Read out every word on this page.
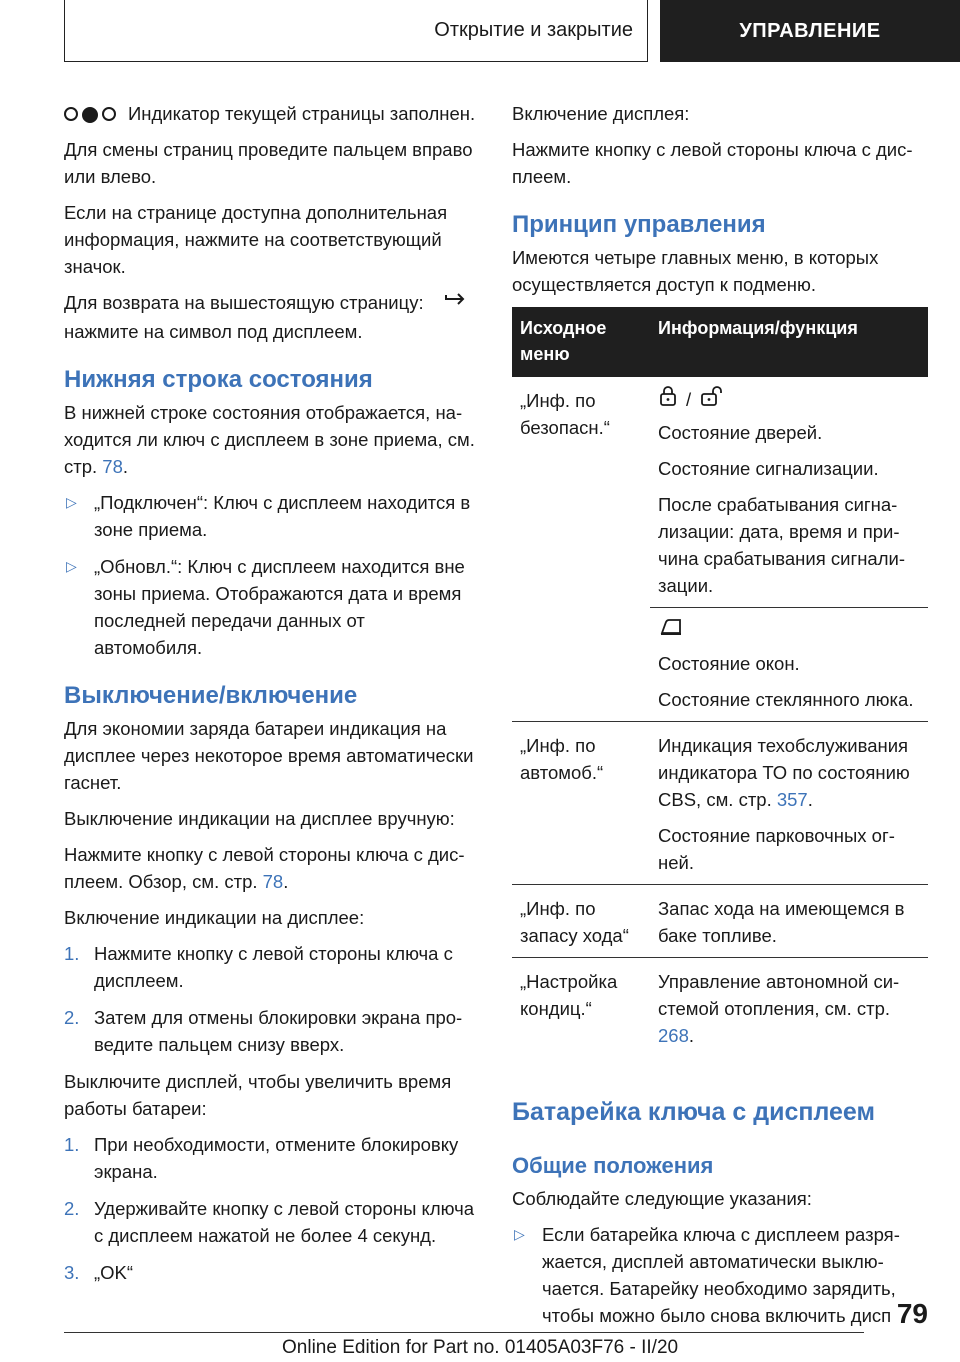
Открытие и закрытие	УПРАВЛЕНИЕ

Индикатор текущей страницы заполнен.

Для смены страниц проведите пальцем вправо или влево.

Если на странице доступна дополнительная информация, нажмите на соответствующий значок.

Для возврата на вышестоящую страницу:
нажмите на символ под дисплеем.

Нижняя строка состояния

В нижней строке состояния отображается, находится ли ключ с дисплеем в зоне приема, см. стр. 78.

▷ „Подключен“: Ключ с дисплеем находится в зоне приема.
▷ „Обновл.“: Ключ с дисплеем находится вне зоны приема. Отображаются дата и время последней передачи данных от автомобиля.
Выключение/включение

Для экономии заряда батареи индикация на дисплее через некоторое время автоматически гаснет.

Выключение индикации на дисплее вручную:

Нажмите кнопку с левой стороны ключа с дисплеем. Обзор, см. стр. 78.

Включение индикации на дисплее:

1. Нажмите кнопку с левой стороны ключа с дисплеем.
2. Затем для отмены блокировки экрана проведите пальцем снизу вверх.

Выключите дисплей, чтобы увеличить время работы батареи:

1. При необходимости, отмените блокировку экрана.
2. Удерживайте кнопку с левой стороны ключа с дисплеем нажатой не более 4 секунд.
3. „OK“

Включение дисплея:

Нажмите кнопку с левой стороны ключа с дисплеем.

Принцип управления

Имеются четыре главных меню, в которых осуществляется доступ к подменю.

Исходное меню	Информация/функция
„Инф. по безопасн.“	/

Состояние дверей.

Состояние сигнализации.

После срабатывания сигнализации: дата, время и причина срабатывания сигнализации.

	Состояние окон.

Состояние стеклянного люка.

„Инф. по автомоб.“	Индикация техобслуживания индикатора ТО по состоянию CBS, см. стр. 357.

Состояние парковочных огней.

„Инф. по запасу хода“	Запас хода на имеющемся в баке топливе.
„Настройка кондиц.“	Управление автономной системой отопления, см. стр. 268.
Батарейка ключа с дисплеем
Общие положения

Соблюдайте следующие указания:

▷ Если батарейка ключа с дисплеем разряжается, дисплей автоматически выключается. Батарейку необходимо зарядить, чтобы можно было снова включить дисп 79
Online Edition for Part no. 01405A03F76 - II/20
